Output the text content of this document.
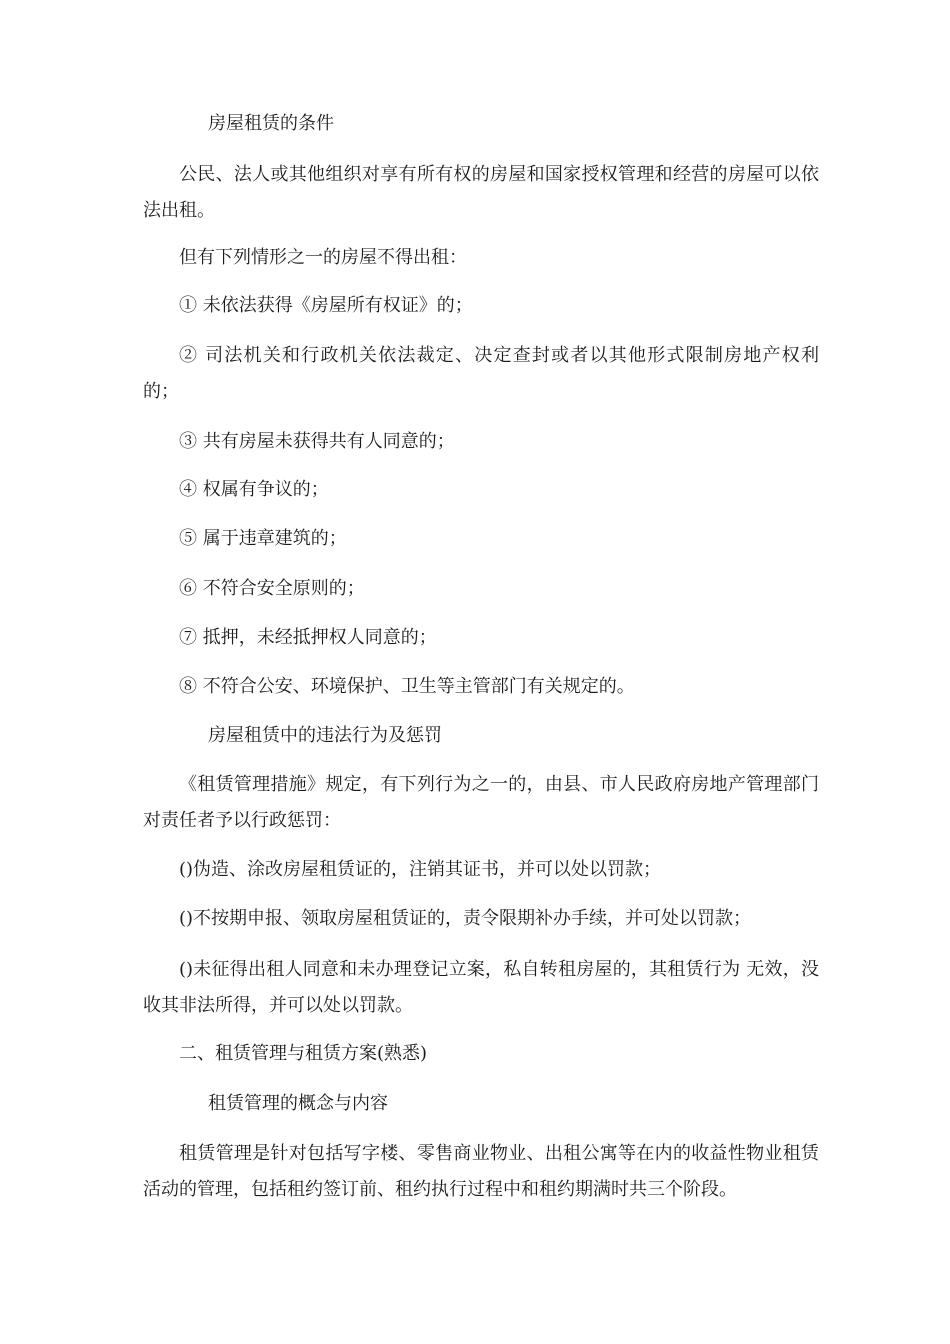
房屋租赁的条件

公民、法人或其他组织对享有所有权的房屋和国家授权管理和经营的房屋可以依法出租。

但有下列情形之一的房屋不得出租：

① 未依法获得《房屋所有权证》的；

② 司法机关和行政机关依法裁定、决定查封或者以其他形式限制房地产权利 的；

③ 共有房屋未获得共有人同意的；

④ 权属有争议的；

⑤ 属于违章建筑的；

⑥ 不符合安全原则的；

⑦ 抵押，未经抵押权人同意的；

⑧ 不符合公安、环境保护、卫生等主管部门有关规定的。

房屋租赁中的违法行为及惩罚

《租赁管理措施》规定，有下列行为之一的，由县、市人民政府房地产管理部门对责任者予以行政惩罚：

()伪造、涂改房屋租赁证的，注销其证书，并可以处以罚款；

()不按期申报、领取房屋租赁证的，责令限期补办手续，并可处以罚款；

()未征得出租人同意和未办理登记立案，私自转租房屋的，其租赁行为 无效，没收其非法所得，并可以处以罚款。

二、租赁管理与租赁方案(熟悉)

租赁管理的概念与内容

租赁管理是针对包括写字楼、零售商业物业、出租公寓等在内的收益性物业租赁活动的管理，包括租约签订前、租约执行过程中和租约期满时共三个阶段。
